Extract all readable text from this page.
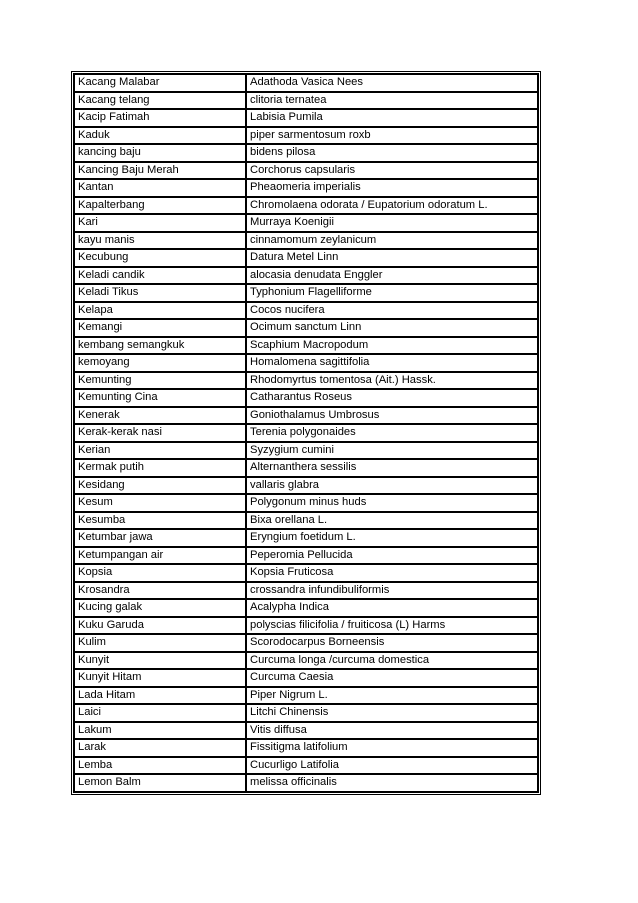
Kacang Malabar	Adathoda Vasica Nees
Kacang telang	clitoria ternatea
Kacip Fatimah	Labisia Pumila
Kaduk	piper sarmentosum roxb
kancing baju	bidens pilosa
Kancing Baju Merah	Corchorus capsularis
Kantan	Pheaomeria imperialis
Kapalterbang	Chromolaena odorata / Eupatorium odoratum L.
Kari	Murraya Koenigii
kayu manis	cinnamomum zeylanicum
Kecubung	Datura Metel Linn
Keladi candik	alocasia denudata Enggler
Keladi Tikus	Typhonium Flagelliforme
Kelapa	Cocos nucifera
Kemangi	Ocimum sanctum Linn
kembang semangkuk	Scaphium Macropodum
kemoyang	Homalomena sagittifolia
Kemunting	Rhodomyrtus tomentosa (Ait.) Hassk.
Kemunting Cina	Catharantus Roseus
Kenerak	Goniothalamus Umbrosus
Kerak-kerak nasi	Terenia polygonaides
Kerian	Syzygium cumini
Kermak putih	Alternanthera sessilis
Kesidang	vallaris glabra
Kesum	Polygonum minus huds
Kesumba	Bixa orellana L.
Ketumbar jawa	Eryngium foetidum L.
Ketumpangan air	Peperomia Pellucida
Kopsia	Kopsia Fruticosa
Krosandra	crossandra infundibuliformis
Kucing galak	Acalypha Indica
Kuku Garuda	polyscias filicifolia / fruiticosa (L) Harms
Kulim	Scorodocarpus Borneensis
Kunyit	Curcuma longa /curcuma domestica
Kunyit Hitam	Curcuma Caesia
Lada Hitam	Piper Nigrum L.
Laici	Litchi Chinensis
Lakum	Vitis diffusa
Larak	Fissitigma latifolium
Lemba	Cucurligo Latifolia
Lemon Balm	melissa officinalis
